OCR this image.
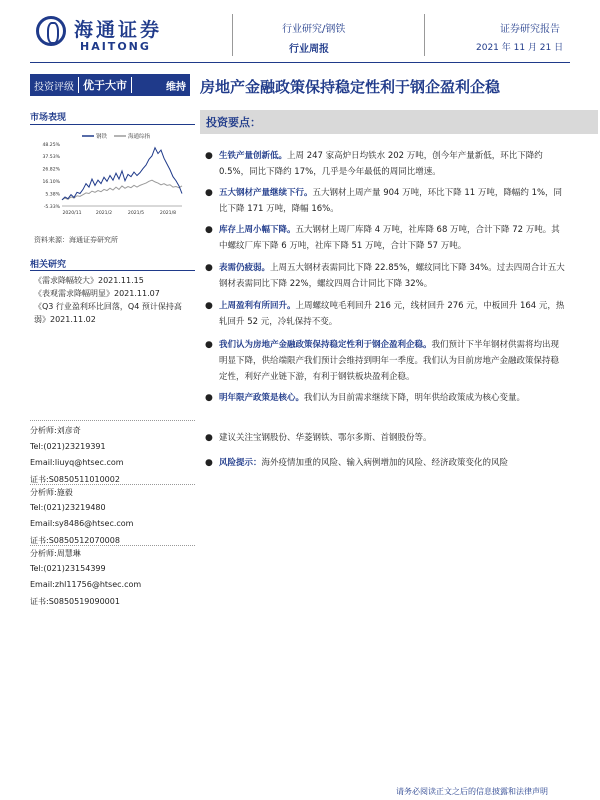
海通证券
HAITONG
行业研究/钢铁
行业周报
证券研究报告
2021 年 11 月 21 日
投资评级 优于大市	维持 房地产金融政策保持稳定性利于钢企盈利企稳
市场表现
钢铁	海通综指
48.25%
37.53%
26.82%
16.10%
5.38%
-5.33%
2020/11	2021/2	2021/5	2021/8
资料来源：海通证券研究所
相关研究
《需求降幅较大》2021.11.15
《表观需求降幅明显》2021.11.07
《Q3 行业盈利环比回落，Q4 预计保持高
弱》2021.11.02
分析师:刘彦奇
Tel:(021)23219391
Email:liuyq@htsec.com
证书:S0850511010002
分析师:施毅
Tel:(021)23219480
Email:sy8486@htsec.com
证书:S0850512070008
分析师:周慧琳
Tel:(021)23154399
Email:zhl11756@htsec.com
证书:S0850519090001
投资要点：
● 生铁产量创新低。上周 247 家高炉日均铁水 202 万吨，创今年产量新低，环比下降约 0.5%，同比下降约 17%，几乎是今年最低的周同比增速。
● 五大钢材产量继续下行。五大钢材上周产量 904 万吨，环比下降 11 万吨，降幅约 1%，同比下降 171 万吨，降幅 16%。
● 库存上周小幅下降。五大钢材上周厂库降 4 万吨，社库降 68 万吨，合计下降 72 万吨。其中螺纹厂库下降 6 万吨，社库下降 51 万吨，合计下降 57 万吨。
● 表需仍疲弱。上周五大钢材表需同比下降 22.85%，螺纹同比下降 34%。过去四周合计五大钢材表需同比下降 22%，螺纹四周合计同比下降 32%。
● 上周盈利有所回升。上周螺纹吨毛利回升 216 元，线材回升 276 元，中板回升 164 元，热轧回升 52 元，冷轧保持不变。
● 我们认为房地产金融政策保持稳定性利于钢企盈利企稳。我们预计下半年钢材供需将均出现明显下降，供给端限产我们预计会维持到明年一季度。我们认为目前房地产金融政策保持稳定性，利好产业链下游，有利于钢铁板块盈利企稳。
● 明年限产政策是核心。我们认为目前需求继续下降，明年供给政策成为核心变量。
● 建议关注宝钢股份、华菱钢铁、鄂尔多斯、首钢股份等。
● 风险提示：海外疫情加重的风险、输入病例增加的风险、经济政策变化的风险
请务必阅读正文之后的信息披露和法律声明
